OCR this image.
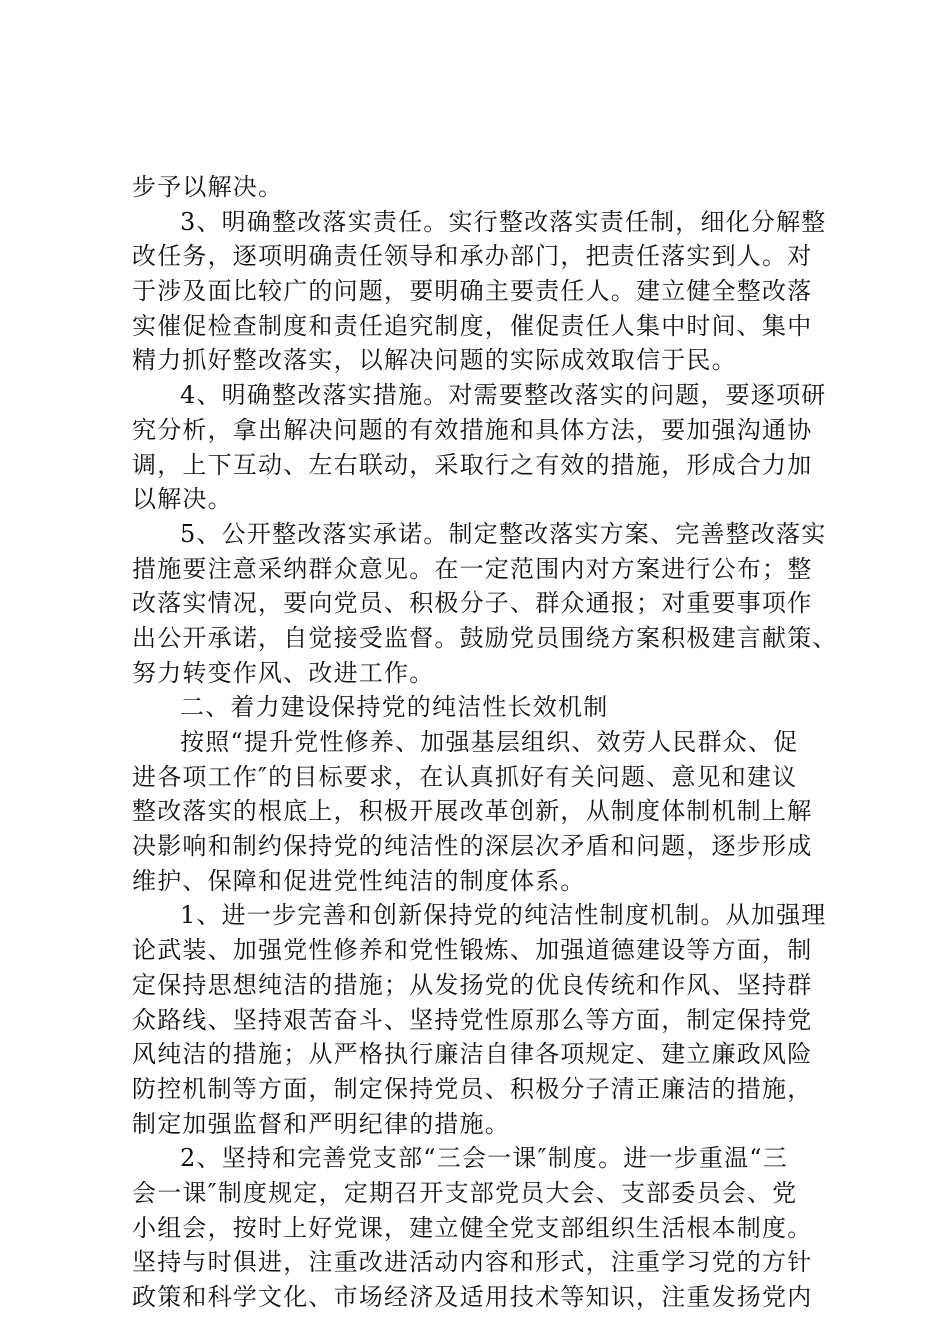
步予以解决。
3、明确整改落实责任。实行整改落实责任制，细化分解整
改任务，逐项明确责任领导和承办部门，把责任落实到人。对
于涉及面比较广的问题，要明确主要责任人。建立健全整改落
实催促检查制度和责任追究制度，催促责任人集中时间、集中
精力抓好整改落实，以解决问题的实际成效取信于民。
4、明确整改落实措施。对需要整改落实的问题，要逐项研
究分析，拿出解决问题的有效措施和具体方法，要加强沟通协
调，上下互动、左右联动，采取行之有效的措施，形成合力加
以解决。
5、公开整改落实承诺。制定整改落实方案、完善整改落实
措施要注意采纳群众意见。在一定范围内对方案进行公布；整
改落实情况，要向党员、积极分子、群众通报；对重要事项作
出公开承诺，自觉接受监督。鼓励党员围绕方案积极建言献策、
努力转变作风、改进工作。
二、着力建设保持党的纯洁性长效机制
按照“提升党性修养、加强基层组织、效劳人民群众、促
进各项工作″的目标要求，在认真抓好有关问题、意见和建议
整改落实的根底上，积极开展改革创新，从制度体制机制上解
决影响和制约保持党的纯洁性的深层次矛盾和问题，逐步形成
维护、保障和促进党性纯洁的制度体系。
1、进一步完善和创新保持党的纯洁性制度机制。从加强理
论武装、加强党性修养和党性锻炼、加强道德建设等方面，制
定保持思想纯洁的措施；从发扬党的优良传统和作风、坚持群
众路线、坚持艰苦奋斗、坚持党性原那么等方面，制定保持党
风纯洁的措施；从严格执行廉洁自律各项规定、建立廉政风险
防控机制等方面，制定保持党员、积极分子清正廉洁的措施，
制定加强监督和严明纪律的措施。
2、坚持和完善党支部“三会一课″制度。进一步重温“三
会一课″制度规定，定期召开支部党员大会、支部委员会、党
小组会，按时上好党课，建立健全党支部组织生活根本制度。
坚持与时俱进，注重改进活动内容和形式，注重学习党的方针
政策和科学文化、市场经济及适用技术等知识，注重发扬党内
